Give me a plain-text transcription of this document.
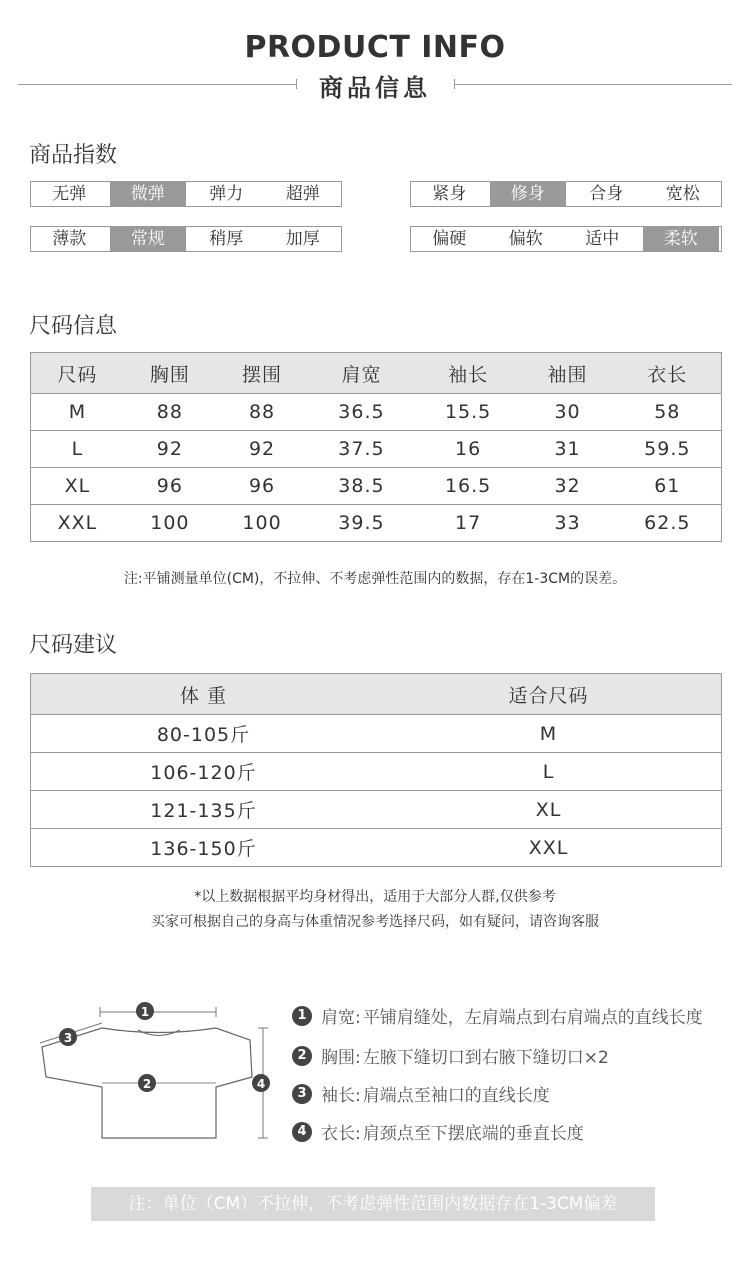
PRODUCT INFO
商品信息
商品指数
无弹	微弹	弹力	超弹	紧身	修身	合身	宽松
薄款	常规	稍厚	加厚	偏硬	偏软	适中	柔软
尺码信息
尺码	胸围	摆围	肩宽	袖长	袖围	衣长
M	88	88	36.5	15.5	30	58
L	92	92	37.5	16	31	59.5
XL	96	96	38.5	16.5	32	61
XXL	100	100	39.5	17	33	62.5
注:平铺测量单位(CM)，不拉伸、不考虑弹性范围内的数据，存在1-3CM的误差。
尺码建议
体 重	适合尺码
80-105斤	M
106-120斤	L
121-135斤	XL
136-150斤	XXL
*以上数据根据平均身材得出，适用于大部分人群,仅供参考
买家可根据自己的身高与体重情况参考选择尺码，如有疑问，请咨询客服
1
3
2	4
1 肩宽: 平铺肩缝处，左肩端点到右肩端点的直线长度
2 胸围: 左腋下缝切口到右腋下缝切口×2
3 袖长: 肩端点至袖口的直线长度
4 衣长: 肩颈点至下摆底端的垂直长度
注：单位（CM）不拉伸，不考虑弹性范围内数据存在1-3CM偏差
